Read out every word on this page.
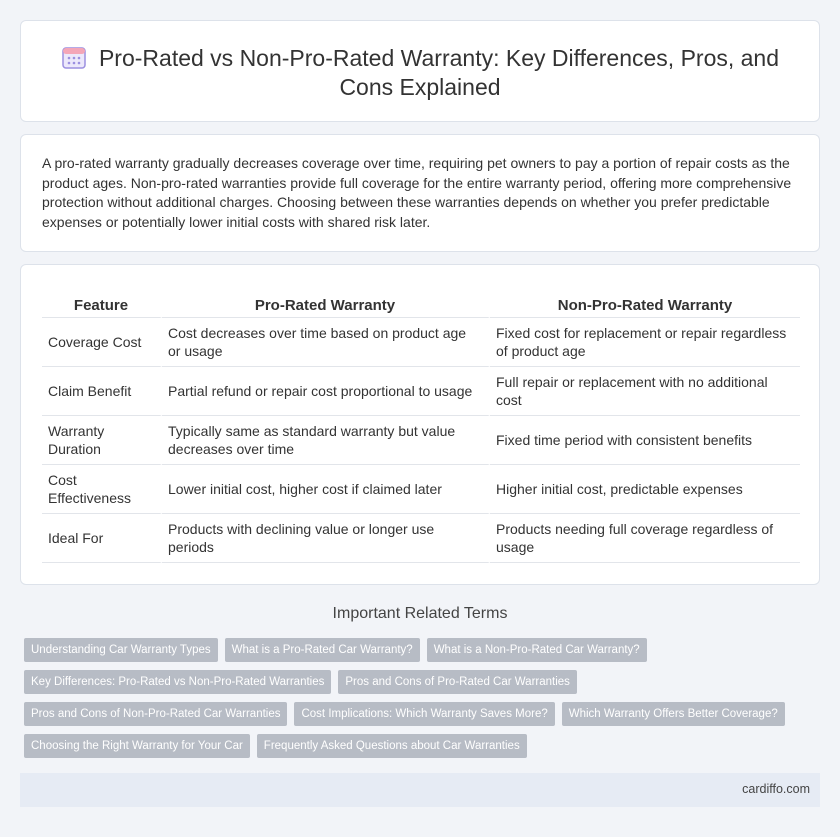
Pro-Rated vs Non-Pro-Rated Warranty: Key Differences, Pros, and Cons Explained

A pro-rated warranty gradually decreases coverage over time, requiring pet owners to pay a portion of repair costs as the product ages. Non-pro-rated warranties provide full coverage for the entire warranty period, offering more comprehensive protection without additional charges. Choosing between these warranties depends on whether you prefer predictable expenses or potentially lower initial costs with shared risk later.

Feature	Pro-Rated Warranty	Non-Pro-Rated Warranty
Coverage Cost	Cost decreases over time based on product age or usage	Fixed cost for replacement or repair regardless of product age
Claim Benefit	Partial refund or repair cost proportional to usage	Full repair or replacement with no additional cost
Warranty Duration	Typically same as standard warranty but value decreases over time	Fixed time period with consistent benefits
Cost Effectiveness	Lower initial cost, higher cost if claimed later	Higher initial cost, predictable expenses
Ideal For	Products with declining value or longer use periods	Products needing full coverage regardless of usage
Important Related Terms
Understanding Car Warranty Types	What is a Pro-Rated Car Warranty?	What is a Non-Pro-Rated Car Warranty?
Key Differences: Pro-Rated vs Non-Pro-Rated Warranties	Pros and Cons of Pro-Rated Car Warranties
Pros and Cons of Non-Pro-Rated Car Warranties	Cost Implications: Which Warranty Saves More?	Which Warranty Offers Better Coverage?
Choosing the Right Warranty for Your Car	Frequently Asked Questions about Car Warranties
cardiffo.com
